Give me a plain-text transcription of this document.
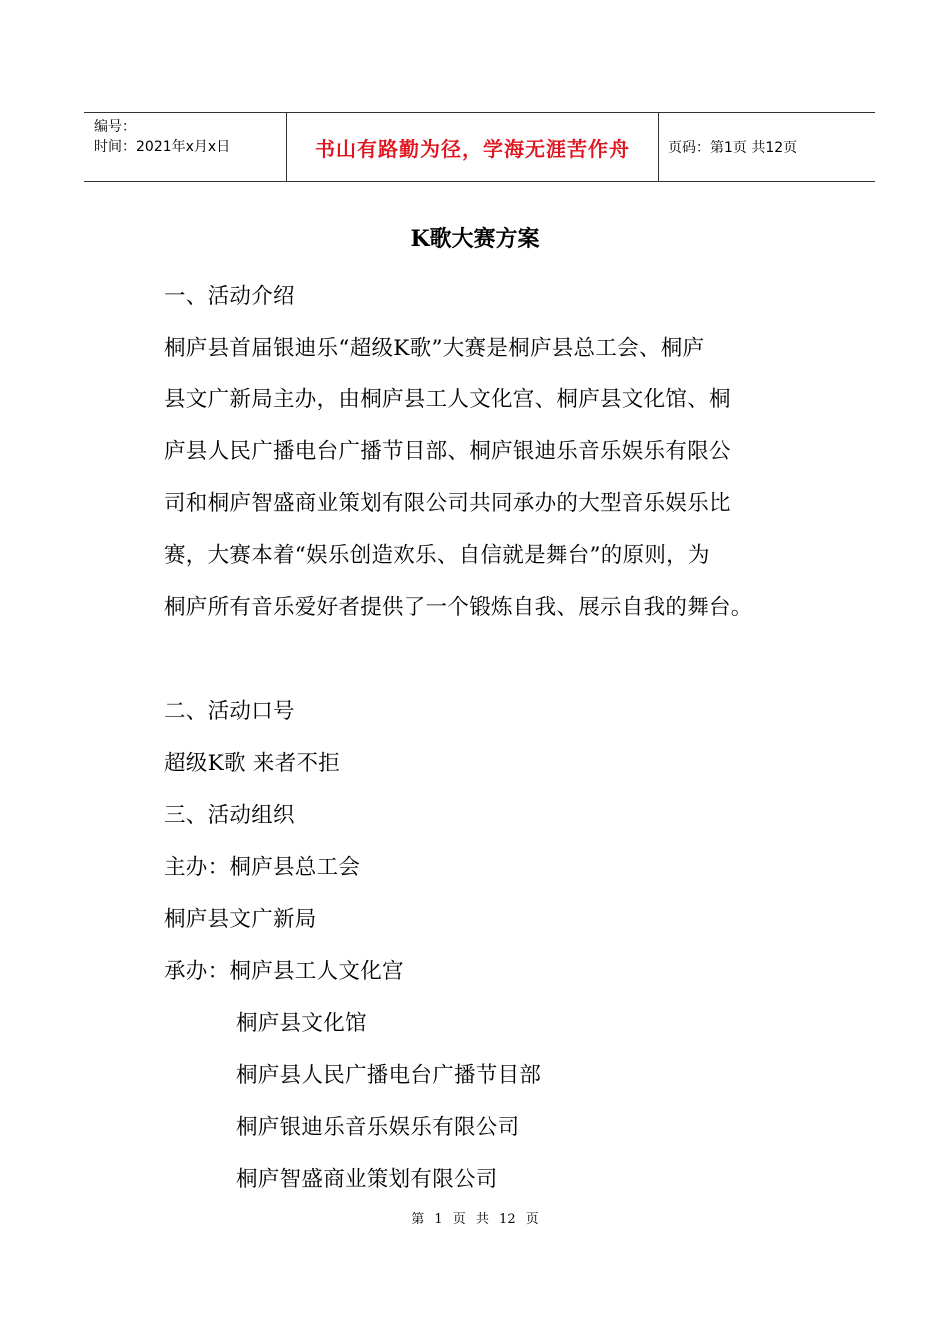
编号：
时间：2021年x月x日	书山有路勤为径，学海无涯苦作舟	页码：第1页 共12页
K歌大赛方案
一、活动介绍
桐庐县首届银迪乐“超级K歌”大赛是桐庐县总工会、桐庐
县文广新局主办，由桐庐县工人文化宫、桐庐县文化馆、桐
庐县人民广播电台广播节目部、桐庐银迪乐音乐娱乐有限公
司和桐庐智盛商业策划有限公司共同承办的大型音乐娱乐比
赛，大赛本着“娱乐创造欢乐、自信就是舞台”的原则，为
桐庐所有音乐爱好者提供了一个锻炼自我、展示自我的舞台。
二、活动口号
超级K歌 来者不拒
三、活动组织
主办：桐庐县总工会
桐庐县文广新局
承办：桐庐县工人文化宫
桐庐县文化馆
桐庐县人民广播电台广播节目部
桐庐银迪乐音乐娱乐有限公司
桐庐智盛商业策划有限公司
第 1 页 共 12 页
